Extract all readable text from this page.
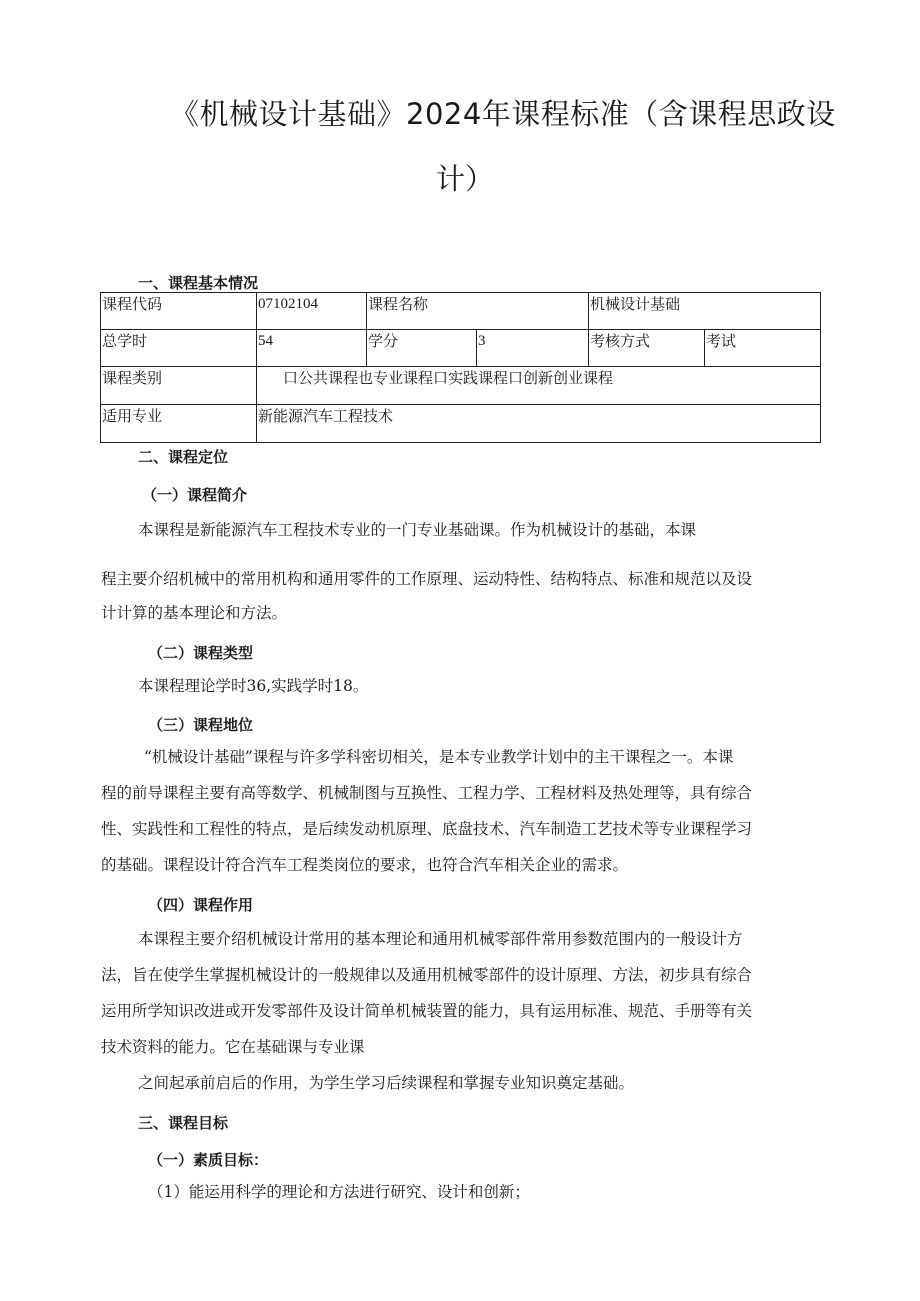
《机械设计基础》2024年课程标准（含课程思政设
计）
一、课程基本情况
课程代码	07102104	课程名称		机械设计基础	
总学时	54	学分	3	考核方式	考试
课程类别	口公共课程也专业课程口实践课程口创新创业课程				
适用专业	新能源汽车工程技术				
二、课程定位
（一）课程简介
本课程是新能源汽车工程技术专业的一门专业基础课。作为机械设计的基础，本课
程主要介绍机械中的常用机构和通用零件的工作原理、运动特性、结构特点、标准和规范以及设
计计算的基本理论和方法。
（二）课程类型
本课程理论学时36,实践学时18。
（三）课程地位
“机械设计基础”课程与许多学科密切相关，是本专业教学计划中的主干课程之一。本课
程的前导课程主要有高等数学、机械制图与互换性、工程力学、工程材料及热处理等，具有综合
性、实践性和工程性的特点，是后续发动机原理、底盘技术、汽车制造工艺技术等专业课程学习
的基础。课程设计符合汽车工程类岗位的要求，也符合汽车相关企业的需求。
（四）课程作用
本课程主要介绍机械设计常用的基本理论和通用机械零部件常用参数范围内的一般设计方
法，旨在使学生掌握机械设计的一般规律以及通用机械零部件的设计原理、方法，初步具有综合
运用所学知识改进或开发零部件及设计简单机械装置的能力，具有运用标准、规范、手册等有关
技术资料的能力。它在基础课与专业课
之间起承前启后的作用，为学生学习后续课程和掌握专业知识奠定基础。
三、课程目标
（一）素质目标：
（1）能运用科学的理论和方法进行研究、设计和创新；
